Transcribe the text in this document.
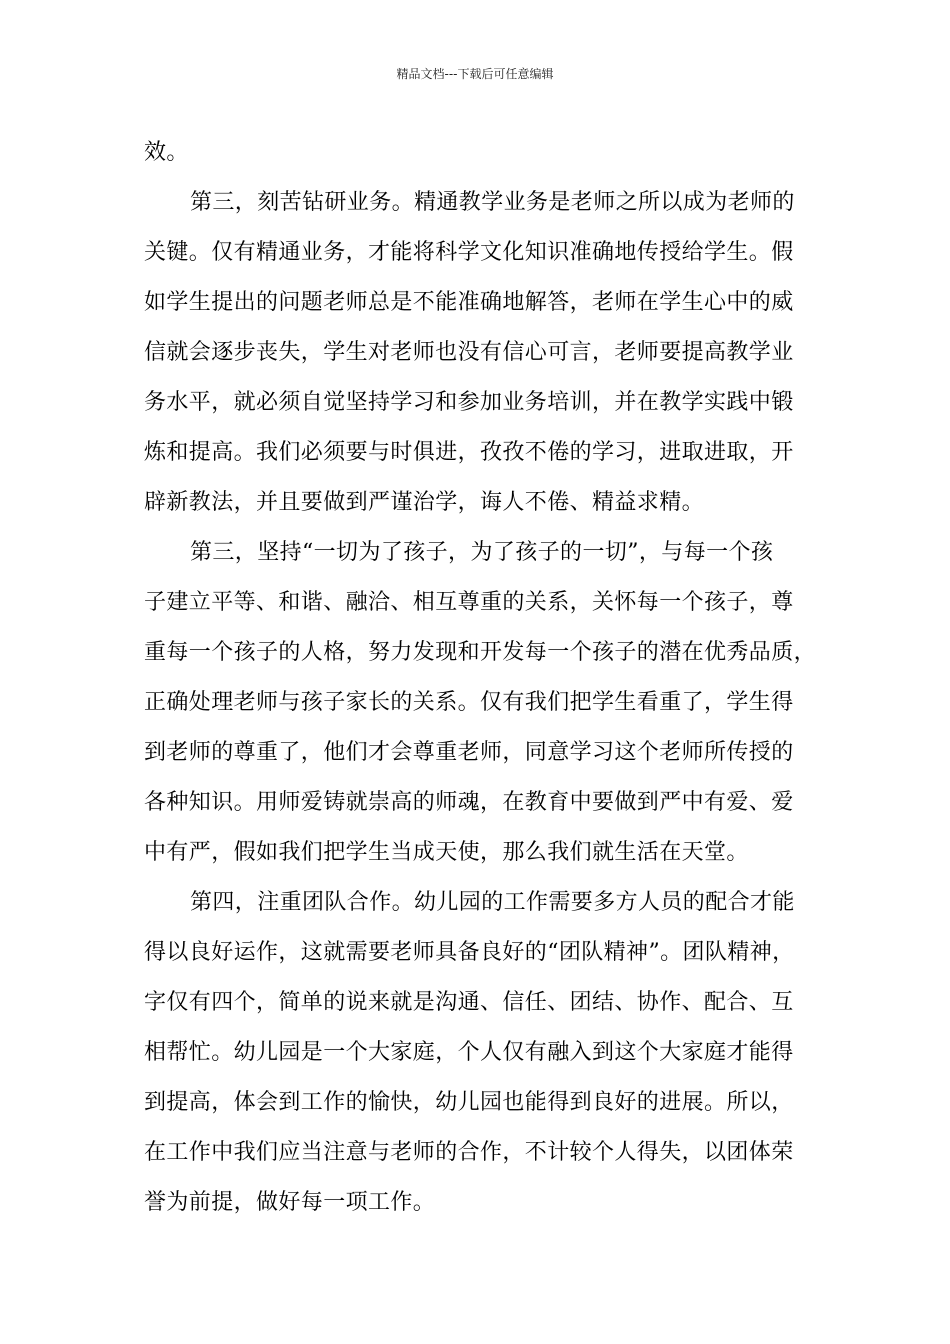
精品文档---下载后可任意编辑
效。
第三，刻苦钻研业务。精通教学业务是老师之所以成为老师的
关键。仅有精通业务，才能将科学文化知识准确地传授给学生。假
如学生提出的问题老师总是不能准确地解答，老师在学生心中的威
信就会逐步丧失，学生对老师也没有信心可言，老师要提高教学业
务水平，就必须自觉坚持学习和参加业务培训，并在教学实践中锻
炼和提高。我们必须要与时俱进，孜孜不倦的学习，进取进取，开
辟新教法，并且要做到严谨治学，诲人不倦、精益求精。
第三，坚持“一切为了孩子，为了孩子的一切”，与每一个孩
子建立平等、和谐、融洽、相互尊重的关系，关怀每一个孩子，尊
重每一个孩子的人格，努力发现和开发每一个孩子的潜在优秀品质，
正确处理老师与孩子家长的关系。仅有我们把学生看重了，学生得
到老师的尊重了，他们才会尊重老师，同意学习这个老师所传授的
各种知识。用师爱铸就崇高的师魂，在教育中要做到严中有爱、爱
中有严，假如我们把学生当成天使，那么我们就生活在天堂。
第四，注重团队合作。幼儿园的工作需要多方人员的配合才能
得以良好运作，这就需要老师具备良好的“团队精神”。团队精神，
字仅有四个，简单的说来就是沟通、信任、团结、协作、配合、互
相帮忙。幼儿园是一个大家庭，个人仅有融入到这个大家庭才能得
到提高，体会到工作的愉快，幼儿园也能得到良好的进展。所以，
在工作中我们应当注意与老师的合作，不计较个人得失，以团体荣
誉为前提，做好每一项工作。
